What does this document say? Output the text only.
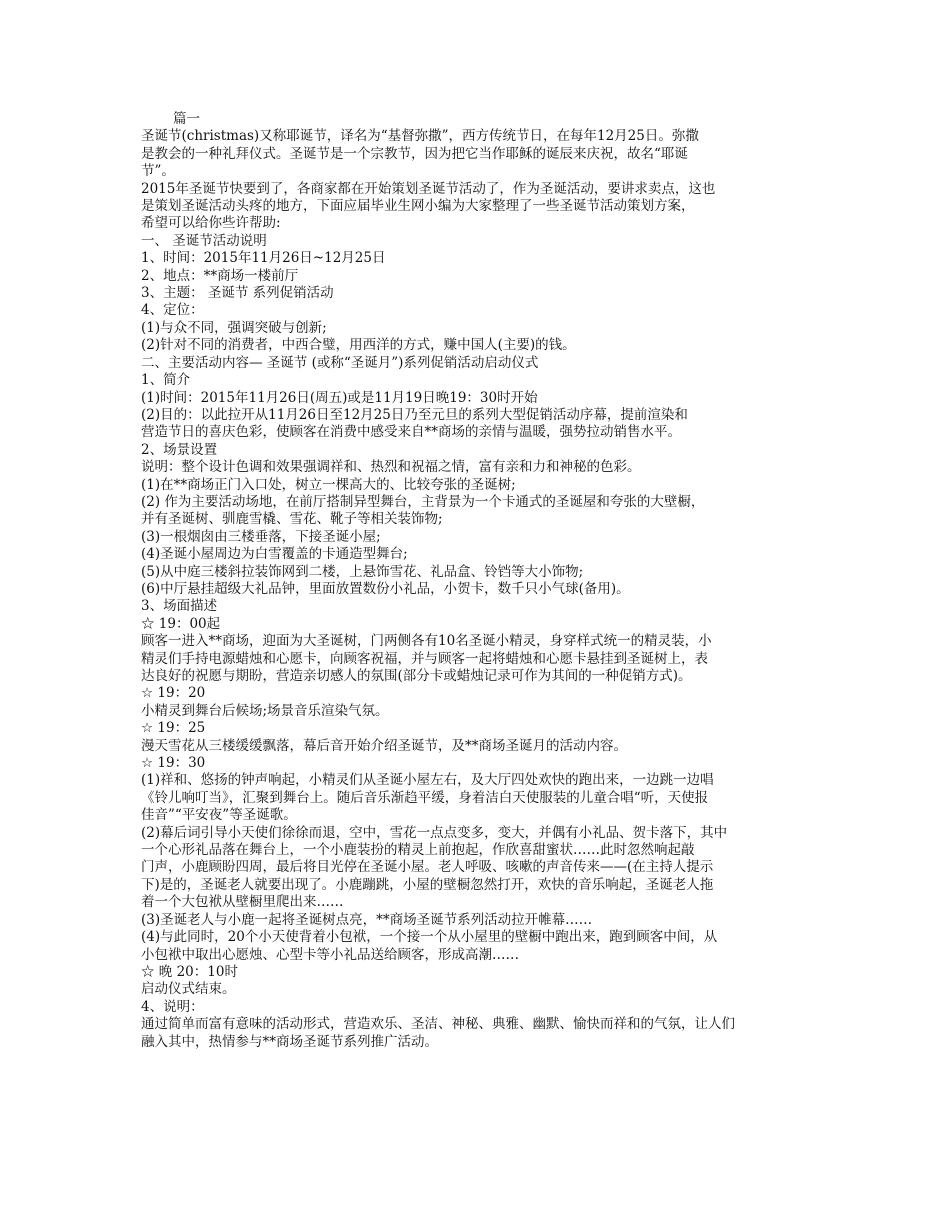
篇一
圣诞节(christmas)又称耶诞节，译名为“基督弥撒”，西方传统节日，在每年12月25日。弥撒
是教会的一种礼拜仪式。圣诞节是一个宗教节，因为把它当作耶稣的诞辰来庆祝，故名“耶诞
节”。
2015年圣诞节快要到了，各商家都在开始策划圣诞节活动了，作为圣诞活动，要讲求卖点，这也
是策划圣诞活动头疼的地方，下面应届毕业生网小编为大家整理了一些圣诞节活动策划方案，
希望可以给你些许帮助:
一、 圣诞节活动说明
1、时间：2015年11月26日~12月25日
2、地点：**商场一楼前厅
3、主题： 圣诞节 系列促销活动
4、定位：
(1)与众不同，强调突破与创新;
(2)针对不同的消费者，中西合璧，用西洋的方式，赚中国人(主要)的钱。
二、主要活动内容— 圣诞节 (或称“圣诞月”)系列促销活动启动仪式
1、简介
(1)时间：2015年11月26日(周五)或是11月19日晚19：30时开始
(2)目的：以此拉开从11月26日至12月25日乃至元旦的系列大型促销活动序幕，提前渲染和
营造节日的喜庆色彩，使顾客在消费中感受来自**商场的亲情与温暖，强势拉动销售水平。
2、场景设置
说明：整个设计色调和效果强调祥和、热烈和祝福之情，富有亲和力和神秘的色彩。
(1)在**商场正门入口处，树立一棵高大的、比较夸张的圣诞树;
(2) 作为主要活动场地，在前厅搭制异型舞台，主背景为一个卡通式的圣诞屋和夸张的大壁橱，
并有圣诞树、驯鹿雪橇、雪花、靴子等相关装饰物;
(3)一根烟囱由三楼垂落，下接圣诞小屋;
(4)圣诞小屋周边为白雪覆盖的卡通造型舞台;
(5)从中庭三楼斜拉装饰网到二楼，上悬饰雪花、礼品盒、铃铛等大小饰物;
(6)中厅悬挂超级大礼品钟，里面放置数份小礼品，小贺卡，数千只小气球(备用)。
3、场面描述
☆ 19：00起
顾客一进入**商场，迎面为大圣诞树，门两侧各有10名圣诞小精灵，身穿样式统一的精灵装，小
精灵们手持电源蜡烛和心愿卡，向顾客祝福，并与顾客一起将蜡烛和心愿卡悬挂到圣诞树上，表
达良好的祝愿与期盼，营造亲切感人的氛围(部分卡或蜡烛记录可作为其间的一种促销方式)。
☆ 19：20
小精灵到舞台后候场;场景音乐渲染气氛。
☆ 19：25
漫天雪花从三楼缓缓飘落，幕后音开始介绍圣诞节，及**商场圣诞月的活动内容。
☆ 19：30
(1)祥和、悠扬的钟声响起，小精灵们从圣诞小屋左右，及大厅四处欢快的跑出来，一边跳一边唱
《铃儿响叮当》，汇聚到舞台上。随后音乐渐趋平缓，身着洁白天使服装的儿童合唱“听，天使报
佳音”“平安夜”等圣诞歌。
(2)幕后词引导小天使们徐徐而退，空中，雪花一点点变多，变大，并偶有小礼品、贺卡落下，其中
一个心形礼品落在舞台上，一个小鹿装扮的精灵上前抱起，作欣喜甜蜜状……此时忽然响起敲
门声，小鹿顾盼四周，最后将目光停在圣诞小屋。老人呼吸、咳嗽的声音传来——(在主持人提示
下)是的，圣诞老人就要出现了。小鹿蹦跳，小屋的壁橱忽然打开，欢快的音乐响起，圣诞老人拖
着一个大包袱从壁橱里爬出来……
(3)圣诞老人与小鹿一起将圣诞树点亮，**商场圣诞节系列活动拉开帷幕……
(4)与此同时，20个小天使背着小包袱，一个接一个从小屋里的壁橱中跑出来，跑到顾客中间，从
小包袱中取出心愿烛、心型卡等小礼品送给顾客，形成高潮……
☆ 晚 20：10时
启动仪式结束。
4、说明：
通过简单而富有意味的活动形式，营造欢乐、圣洁、神秘、典雅、幽默、愉快而祥和的气氛，让人们
融入其中，热情参与**商场圣诞节系列推广活动。
